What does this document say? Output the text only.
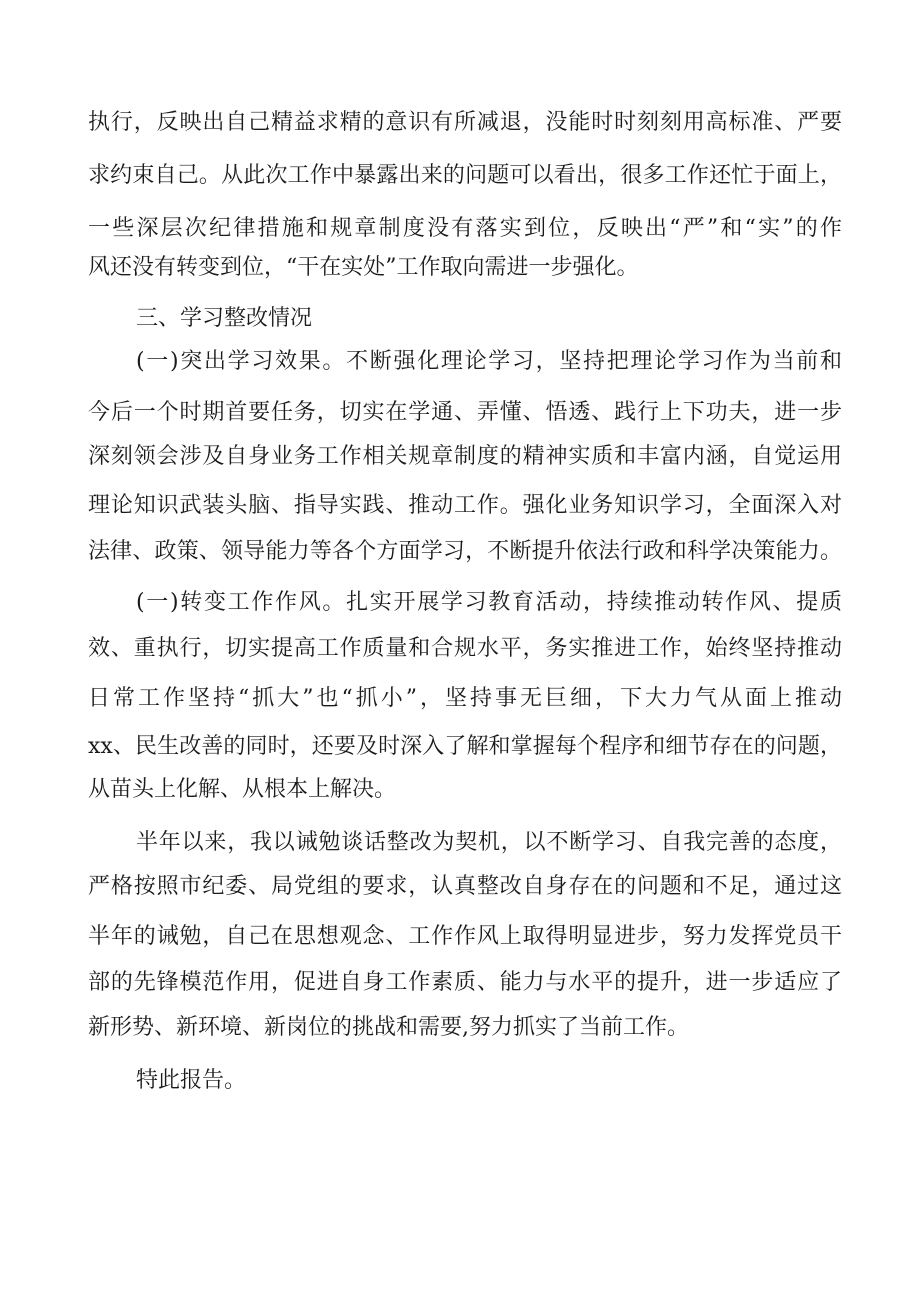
执行，反映出自己精益求精的意识有所减退，没能时时刻刻用高标准、严要
求约束自己。从此次工作中暴露出来的问题可以看出，很多工作还忙于面上，
一些深层次纪律措施和规章制度没有落实到位，反映出“严”和“实”的作
风还没有转变到位，“干在实处”工作取向需进一步强化。
三、学习整改情况
(一)突出学习效果。不断强化理论学习，坚持把理论学习作为当前和
今后一个时期首要任务，切实在学通、弄懂、悟透、践行上下功夫，进一步
深刻领会涉及自身业务工作相关规章制度的精神实质和丰富内涵，自觉运用
理论知识武装头脑、指导实践、推动工作。强化业务知识学习，全面深入对
法律、政策、领导能力等各个方面学习，不断提升依法行政和科学决策能力。
(一)转变工作作风。扎实开展学习教育活动，持续推动转作风、提质
效、重执行，切实提高工作质量和合规水平，务实推进工作，始终坚持推动
日常工作坚持“抓大”也“抓小”，坚持事无巨细，下大力气从面上推动
xx、民生改善的同时，还要及时深入了解和掌握每个程序和细节存在的问题，
从苗头上化解、从根本上解决。
半年以来，我以诫勉谈话整改为契机，以不断学习、自我完善的态度，
严格按照市纪委、局党组的要求，认真整改自身存在的问题和不足，通过这
半年的诫勉，自己在思想观念、工作作风上取得明显进步，努力发挥党员干
部的先锋模范作用，促进自身工作素质、能力与水平的提升，进一步适应了
新形势、新环境、新岗位的挑战和需要,努力抓实了当前工作。
特此报告。
